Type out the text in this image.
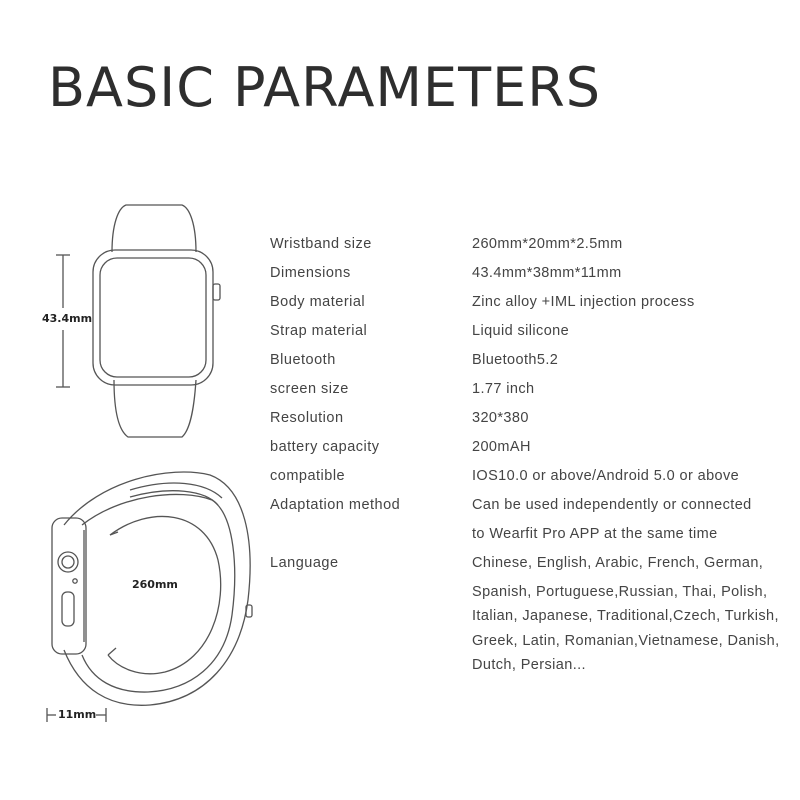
BASIC PARAMETERS
43.4mm
260mm
11mm
Wristband size	260mm*20mm*2.5mm
Dimensions	43.4mm*38mm*11mm
Body material	Zinc alloy +IML injection process
Strap material	Liquid silicone
Bluetooth	Bluetooth5.2
screen size	1.77 inch
Resolution	320*380
battery capacity	200mAH
compatible	IOS10.0 or above/Android 5.0 or above
Adaptation method	Can be used independently or connected
to Wearfit Pro APP at the same time
Language	Chinese, English, Arabic, French, German,
Spanish, Portuguese,Russian, Thai, Polish,
Italian, Japanese, Traditional,Czech, Turkish,
Greek, Latin, Romanian,Vietnamese, Danish,
Dutch, Persian...
